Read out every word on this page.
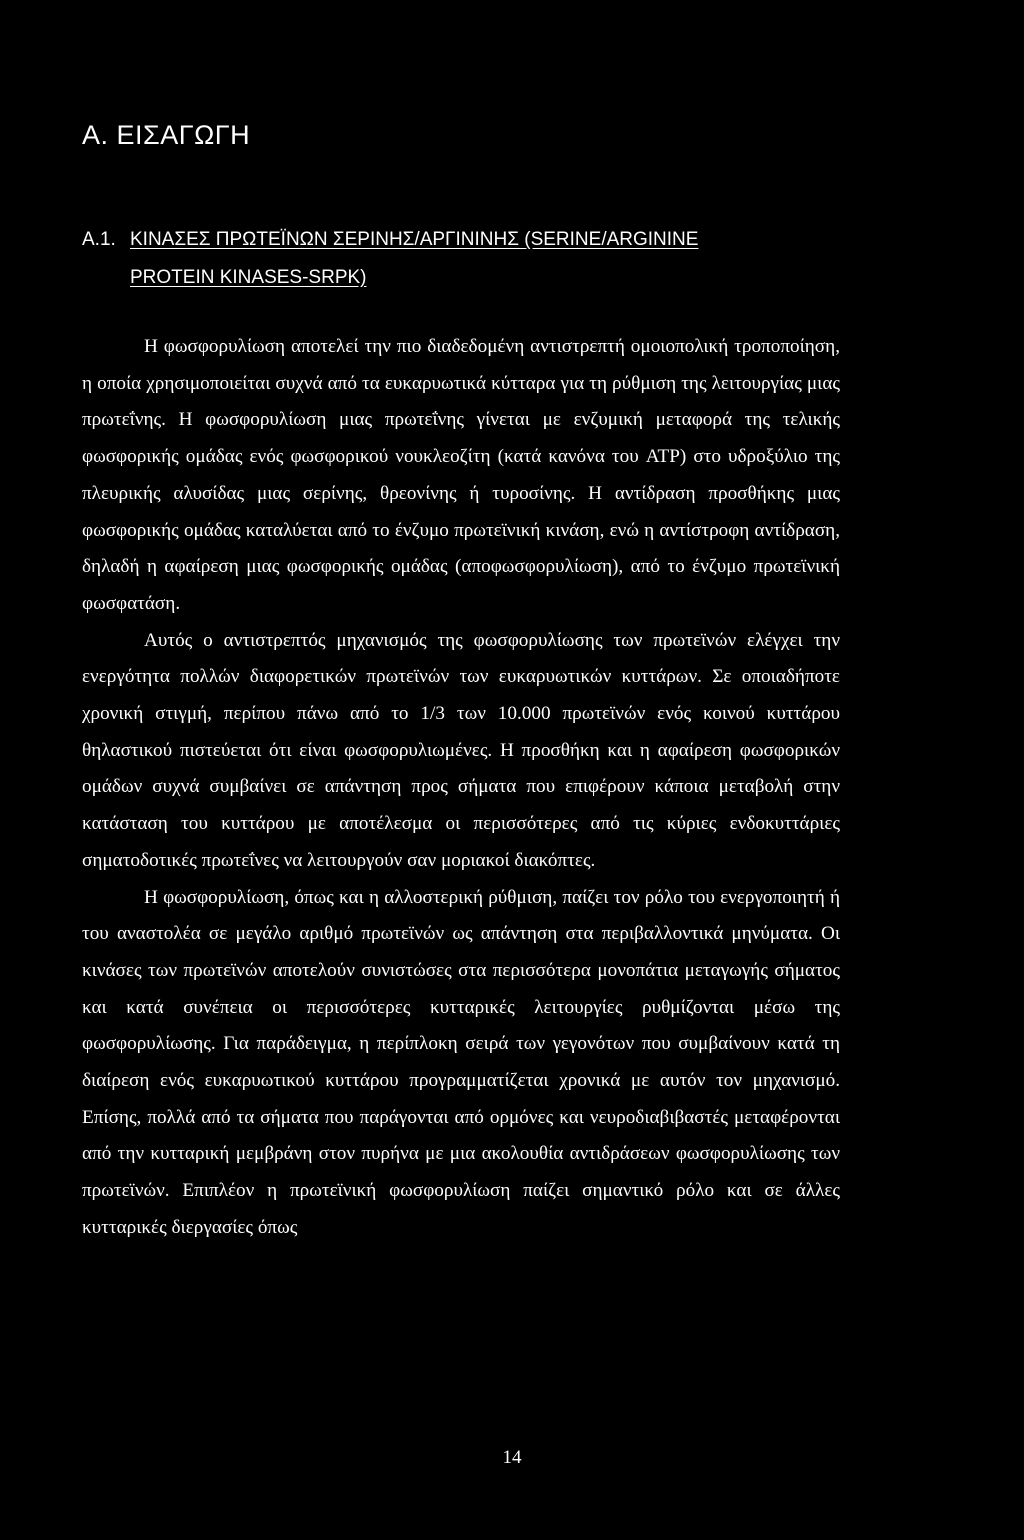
Α. ΕΙΣΑΓΩΓΗ
Α.1. ΚΙΝΑΣΕΣ ΠΡΩΤΕΪΝΩΝ ΣΕΡΙΝΗΣ/ΑΡΓΙΝΙΝΗΣ (SERINE/ARGININE
PROTEIN KINASES-SRPK)

Η φωσφορυλίωση αποτελεί την πιο διαδεδομένη αντιστρεπτή ομοιοπολική τροποποίηση, η οποία χρησιμοποιείται συχνά από τα ευκαρυωτικά κύτταρα για τη ρύθμιση της λειτουργίας μιας πρωτεΐνης. Η φωσφορυλίωση μιας πρωτεΐνης γίνεται με ενζυμική μεταφορά της τελικής φωσφορικής ομάδας ενός φωσφορικού νουκλεοζίτη (κατά κανόνα του ATP) στο υδροξύλιο της πλευρικής αλυσίδας μιας σερίνης, θρεονίνης ή τυροσίνης. Η αντίδραση προσθήκης μιας φωσφορικής ομάδας καταλύεται από το ένζυμο πρωτεϊνική κινάση, ενώ η αντίστροφη αντίδραση, δηλαδή η αφαίρεση μιας φωσφορικής ομάδας (αποφωσφορυλίωση), από το ένζυμο πρωτεϊνική φωσφατάση.

Αυτός ο αντιστρεπτός μηχανισμός της φωσφορυλίωσης των πρωτεϊνών ελέγχει την ενεργότητα πολλών διαφορετικών πρωτεϊνών των ευκαρυωτικών κυττάρων. Σε οποιαδήποτε χρονική στιγμή, περίπου πάνω από το 1/3 των 10.000 πρωτεϊνών ενός κοινού κυττάρου θηλαστικού πιστεύεται ότι είναι φωσφορυλιωμένες. Η προσθήκη και η αφαίρεση φωσφορικών ομάδων συχνά συμβαίνει σε απάντηση προς σήματα που επιφέρουν κάποια μεταβολή στην κατάσταση του κυττάρου με αποτέλεσμα οι περισσότερες από τις κύριες ενδοκυττάριες σηματοδοτικές πρωτεΐνες να λειτουργούν σαν μοριακοί διακόπτες.

Η φωσφορυλίωση, όπως και η αλλοστερική ρύθμιση, παίζει τον ρόλο του ενεργοποιητή ή του αναστολέα σε μεγάλο αριθμό πρωτεϊνών ως απάντηση στα περιβαλλοντικά μηνύματα. Οι κινάσες των πρωτεϊνών αποτελούν συνιστώσες στα περισσότερα μονοπάτια μεταγωγής σήματος και κατά συνέπεια οι περισσότερες κυτταρικές λειτουργίες ρυθμίζονται μέσω της φωσφορυλίωσης. Για παράδειγμα, η περίπλοκη σειρά των γεγονότων που συμβαίνουν κατά τη διαίρεση ενός ευκαρυωτικού κυττάρου προγραμματίζεται χρονικά με αυτόν τον μηχανισμό. Επίσης, πολλά από τα σήματα που παράγονται από ορμόνες και νευροδιαβιβαστές μεταφέρονται από την κυτταρική μεμβράνη στον πυρήνα με μια ακολουθία αντιδράσεων φωσφορυλίωσης των πρωτεϊνών. Επιπλέον η πρωτεϊνική φωσφορυλίωση παίζει σημαντικό ρόλο και σε άλλες κυτταρικές διεργασίες όπως

14
